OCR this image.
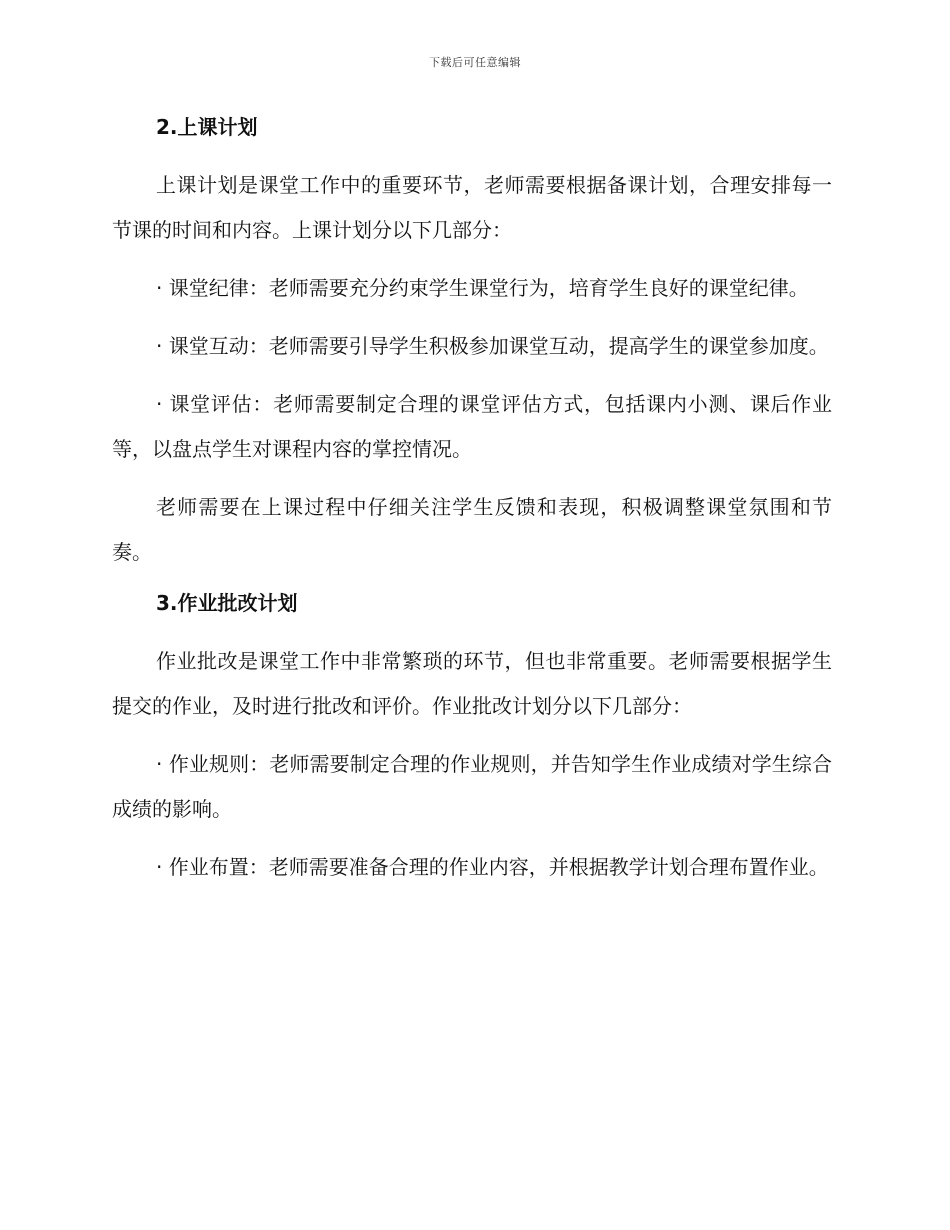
下载后可任意编辑
2.上课计划
上课计划是课堂工作中的重要环节，老师需要根据备课计划，合理安排每一节课的时间和内容。上课计划分以下几部分：
· 课堂纪律：老师需要充分约束学生课堂行为，培育学生良好的课堂纪律。
· 课堂互动：老师需要引导学生积极参加课堂互动，提高学生的课堂参加度。
· 课堂评估：老师需要制定合理的课堂评估方式，包括课内小测、课后作业等，以盘点学生对课程内容的掌控情况。
老师需要在上课过程中仔细关注学生反馈和表现，积极调整课堂氛围和节奏。
3.作业批改计划
作业批改是课堂工作中非常繁琐的环节，但也非常重要。老师需要根据学生提交的作业，及时进行批改和评价。作业批改计划分以下几部分：
· 作业规则：老师需要制定合理的作业规则，并告知学生作业成绩对学生综合成绩的影响。
· 作业布置：老师需要准备合理的作业内容，并根据教学计划合理布置作业。
